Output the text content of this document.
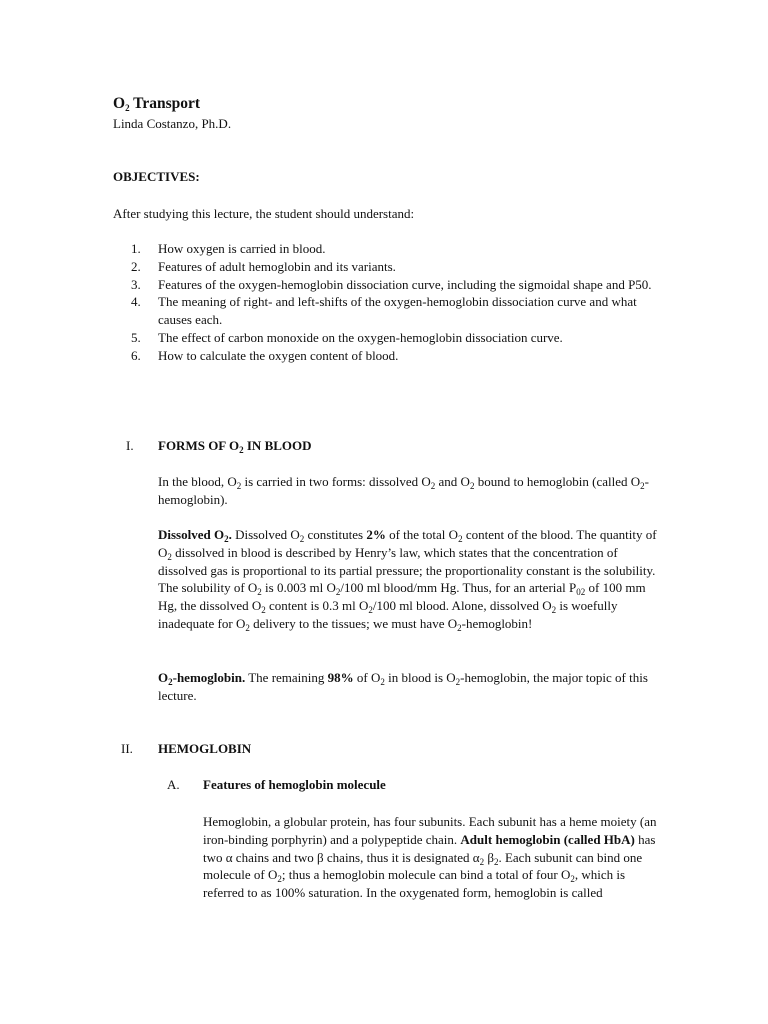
$O_2$ Transport
Linda Costanzo, Ph.D.
OBJECTIVES:
After studying this lecture, the student should understand:
1. How oxygen is carried in blood.
2. Features of adult hemoglobin and its variants.
3. Features of the oxygen-hemoglobin dissociation curve, including the sigmoidal shape and P50.
4. The meaning of right- and left-shifts of the oxygen-hemoglobin dissociation curve and what causes each.
5. The effect of carbon monoxide on the oxygen-hemoglobin dissociation curve.
6. How to calculate the oxygen content of blood.
I. FORMS OF $O_2$ IN BLOOD
In the blood, $O_2$ is carried in two forms: dissolved $O_2$ and $O_2$ bound to hemoglobin (called $O_2-$ hemoglobin).
Dissolved $O_2$. Dissolved $O_2$ constitutes 2% of the total $O_2$ content of the blood. The quantity of $O_2$ dissolved in blood is described by Henry’s law, which states that the concentration of dissolved gas is proportional to its partial pressure; the proportionality constant is the solubility. The solubility of $O_2$ is 0.003 ml $O_2/100$ ml blood/mm Hg. Thus, for an arterial $P_{02}$ of 100 mm Hg, the dissolved $O_2$ content is 0.3 ml $O_2/100$ ml blood. Alone, dissolved $O_2$ is woefully inadequate for $O_2$ delivery to the tissues; we must have $O_2$-hemoglobin!
$O_2$-hemoglobin. The remaining 98% of $O_2$ in blood is $O_2$-hemoglobin, the major topic of this lecture.
II. HEMOGLOBIN
A. Features of hemoglobin molecule
Hemoglobin, a globular protein, has four subunits. Each subunit has a heme moiety (an iron-binding porphyrin) and a polypeptide chain. Adult hemoglobin (called HbA) has two α chains and two β chains, thus it is designated $\alpha_2$ $\beta_2$. Each subunit can bind one molecule of $O_2$; thus a hemoglobin molecule can bind a total of four $O_2$, which is referred to as 100% saturation. In the oxygenated form, hemoglobin is called
